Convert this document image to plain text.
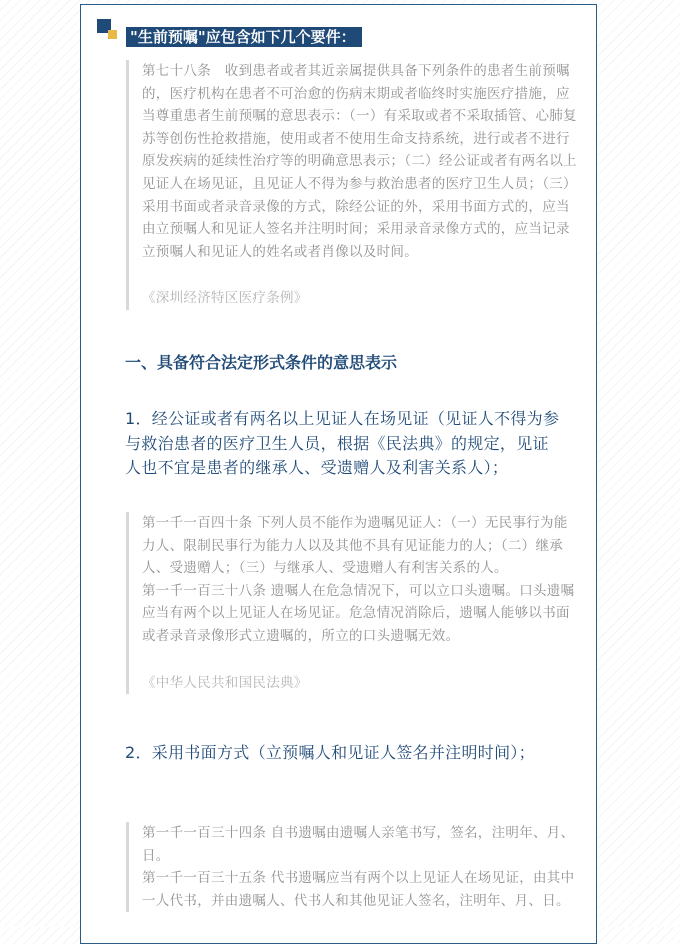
"生前预嘱"应包含如下几个要件：

第七十八条　收到患者或者其近亲属提供具备下列条件的患者生前预嘱的，医疗机构在患者不可治愈的伤病末期或者临终时实施医疗措施，应当尊重患者生前预嘱的意思表示：（一）有采取或者不采取插管、心肺复苏等创伤性抢救措施，使用或者不使用生命支持系统，进行或者不进行原发疾病的延续性治疗等的明确意思表示；（二）经公证或者有两名以上见证人在场见证，且见证人不得为参与救治患者的医疗卫生人员；（三）采用书面或者录音录像的方式，除经公证的外，采用书面方式的，应当由立预嘱人和见证人签名并注明时间；采用录音录像方式的，应当记录立预嘱人和见证人的姓名或者肖像以及时间。

《深圳经济特区医疗条例》

一、具备符合法定形式条件的意思表示

1．经公证或者有两名以上见证人在场见证（见证人不得为参与救治患者的医疗卫生人员，根据《民法典》的规定，见证人也不宜是患者的继承人、受遗赠人及利害关系人）；

第一千一百四十条 下列人员不能作为遗嘱见证人：（一）无民事行为能力人、限制民事行为能力人以及其他不具有见证能力的人；（二）继承人、受遗赠人；（三）与继承人、受遗赠人有利害关系的人。

第一千一百三十八条 遗嘱人在危急情况下，可以立口头遗嘱。口头遗嘱应当有两个以上见证人在场见证。危急情况消除后，遗嘱人能够以书面或者录音录像形式立遗嘱的，所立的口头遗嘱无效。

《中华人民共和国民法典》

2．采用书面方式（立预嘱人和见证人签名并注明时间）；

第一千一百三十四条 自书遗嘱由遗嘱人亲笔书写，签名，注明年、月、日。

第一千一百三十五条 代书遗嘱应当有两个以上见证人在场见证，由其中一人代书，并由遗嘱人、代书人和其他见证人签名，注明年、月、日。
